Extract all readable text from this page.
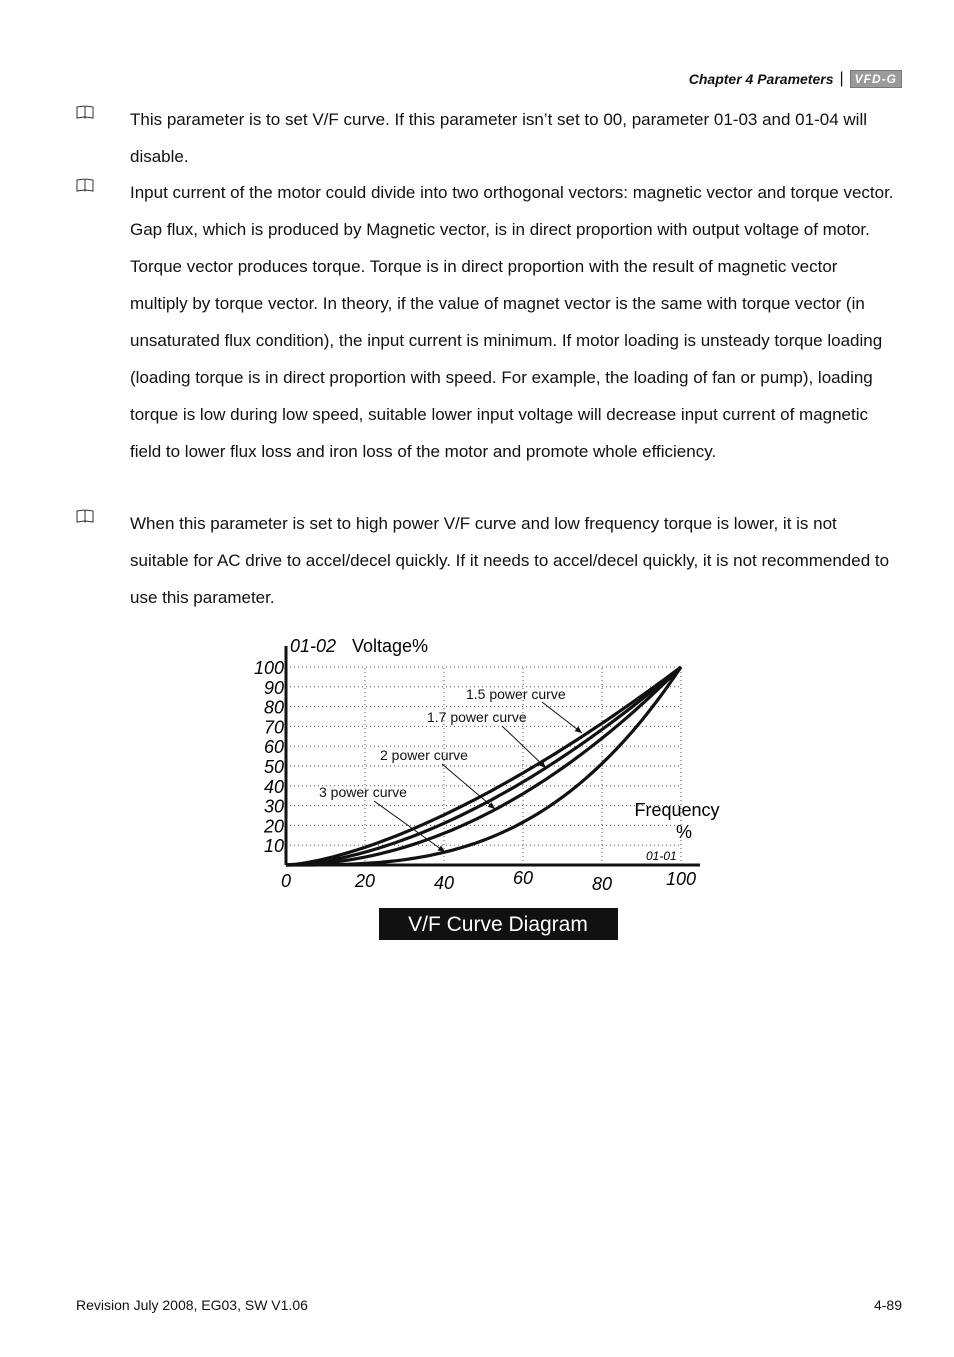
Chapter 4 Parameters | VFD-G
This parameter is to set V/F curve. If this parameter isn’t set to 00, parameter 01-03 and 01-04 will disable.
Input current of the motor could divide into two orthogonal vectors: magnetic vector and torque vector. Gap flux, which is produced by Magnetic vector, is in direct proportion with output voltage of motor. Torque vector produces torque. Torque is in direct proportion with the result of magnetic vector multiply by torque vector. In theory, if the value of magnet vector is the same with torque vector (in unsaturated flux condition), the input current is minimum. If motor loading is unsteady torque loading (loading torque is in direct proportion with speed. For example, the loading of fan or pump), loading torque is low during low speed, suitable lower input voltage will decrease input current of magnetic field to lower flux loss and iron loss of the motor and promote whole efficiency.
When this parameter is set to high power V/F curve and low frequency torque is lower, it is not suitable for AC drive to accel/decel quickly. If it needs to accel/decel quickly, it is not recommended to use this parameter.
0	20	40	60	80	100
10
20
30
40
50
60
70
80
90
100
1.5 power curve
1.7 power curve
2 power curve
3 power curve
01-02 Voltage%
Frequency
%
01-01
V/F Curve Diagram
Revision July 2008, EG03, SW V1.06	4-89
